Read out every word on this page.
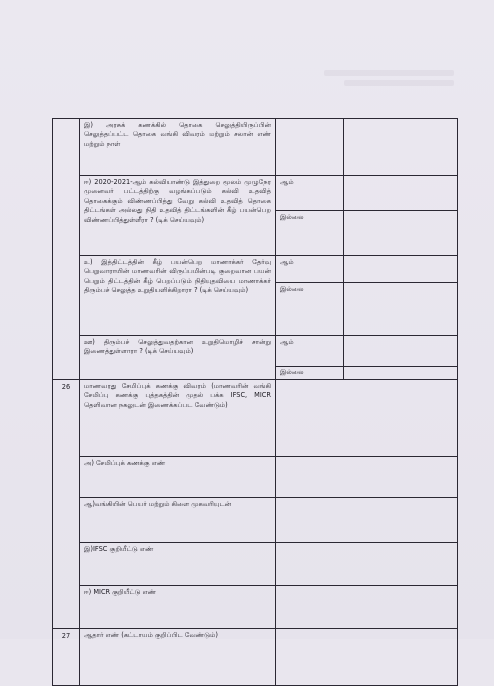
	இ) அரசுக் கணக்கில் தொகை செலுத்தியிருப்பின் செலுத்தப்பட்ட தொகை வங்கி விவரம் மற்றும் சலான் எண் மற்றும் நாள்		
	ஈ) 2020-2021-ஆம் கல்வியாண்டு இத்துறை மூலம் முழுநேர முனைவர் பட்டத்திற்கு வழங்கப்படும் கல்வி உதவித் தொகைக்கும் விண்ணப்பித்து வேறு கல்வி உதவித் தொகை திட்டங்கள் அல்லது நிதி உதவித் திட்டங்களின் கீழ் பயன்பெற விண்ணப்பித்துள்ளீரா ? (டிக் செய்யவும்)	ஆம்	
		இல்லை	
	உ) இத்திட்டத்தின் கீழ் பயன்பெற மாணாக்கர் தேர்வு பெறுவாராயின் மாணவரின் விருப்பமின்படி குறைவான பயன் பெறும் திட்டத்தின் கீழ் பெறப்படும் நிதியுதவியை மாணாக்கர் திரும்பச் செலுத்த உறுதியளிக்கிறாரா ? (டிக் செய்யவும்)	ஆம்	
		இல்லை	
	ஊ) திரும்பச் செலுத்துவதற்கான உறுதிமொழிச் சான்று இணைத்துள்ளாரா ? (டிக் செய்யவும்)	ஆம்
இல்லை	

26	மாணவரது சேமிப்புக் கணக்கு விவரம் (மாணவரின் வங்கி சேமிப்பு கணக்கு புத்தகத்தின் முதல் பக்க IFSC, MICR தெளிவான நகலுடன் இணைக்கப்பட வேண்டும்)		
	அ) சேமிப்புக் கணக்கு எண்		
	ஆ)வங்கியின் பெயர் மற்றும் கிளை முகவரியுடன்		
	இ)IFSC குறியீட்டு எண்		
	ஈ) MICR குறியீட்டு எண்		
27	ஆதார் எண் (கட்டாயம் குறிப்பிட வேண்டும்)		
